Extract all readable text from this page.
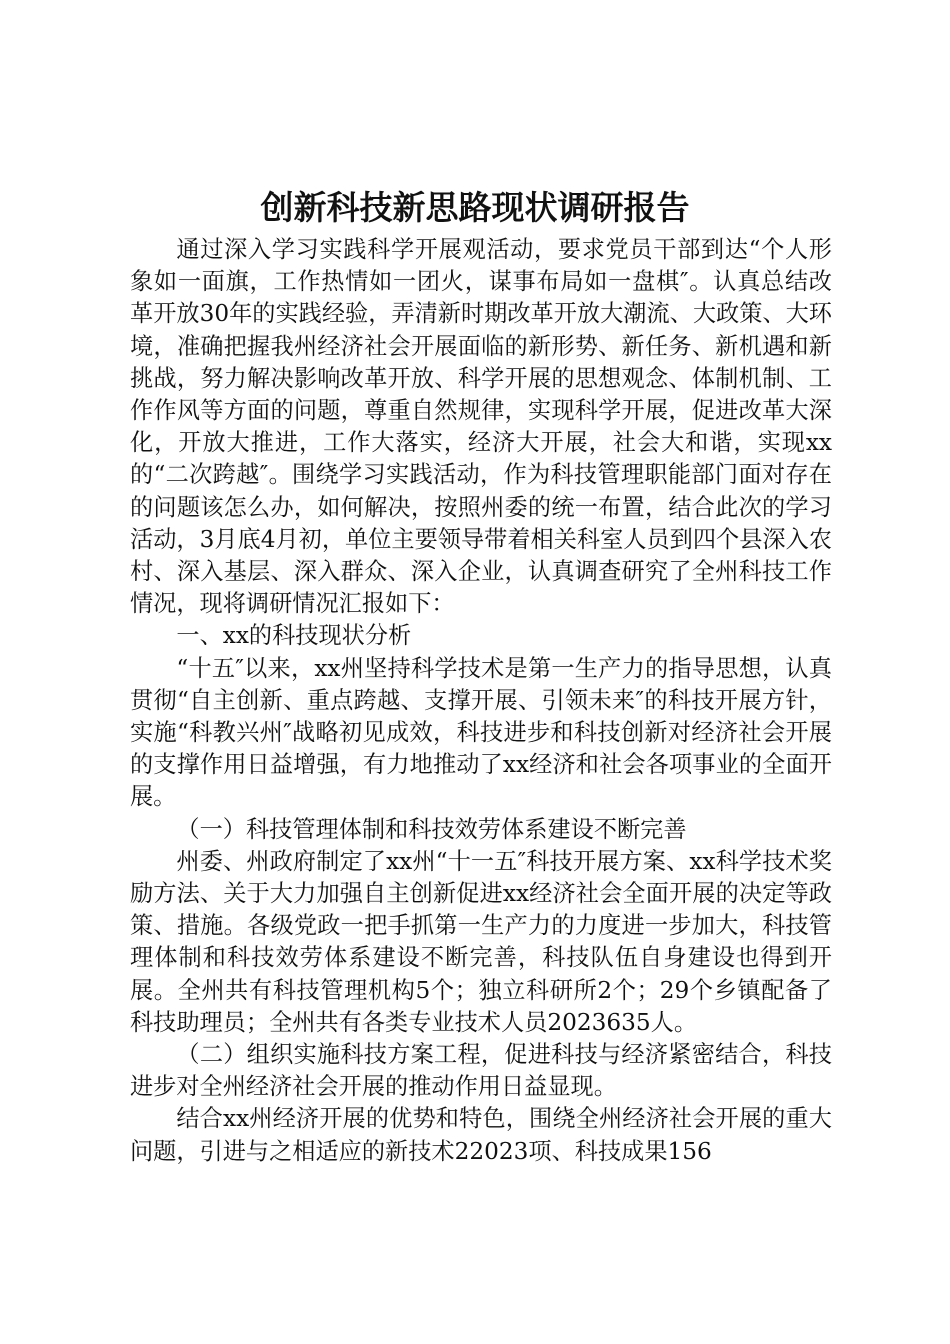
创新科技新思路现状调研报告

通过深入学习实践科学开展观活动，要求党员干部到达“个人形象如一面旗，工作热情如一团火，谋事布局如一盘棋″。认真总结改革开放30年的实践经验，弄清新时期改革开放大潮流、大政策、大环境，准确把握我州经济社会开展面临的新形势、新任务、新机遇和新挑战，努力解决影响改革开放、科学开展的思想观念、体制机制、工作作风等方面的问题，尊重自然规律，实现科学开展，促进改革大深化，开放大推进，工作大落实，经济大开展，社会大和谐，实现xx的“二次跨越″。围绕学习实践活动，作为科技管理职能部门面对存在的问题该怎么办，如何解决，按照州委的统一布置，结合此次的学习活动，3月底4月初，单位主要领导带着相关科室人员到四个县深入农村、深入基层、深入群众、深入企业，认真调查研究了全州科技工作情况，现将调研情况汇报如下：

一、xx的科技现状分析

“十五″以来，xx州坚持科学技术是第一生产力的指导思想，认真贯彻“自主创新、重点跨越、支撑开展、引领未来″的科技开展方针，实施“科教兴州″战略初见成效，科技进步和科技创新对经济社会开展的支撑作用日益增强，有力地推动了xx经济和社会各项事业的全面开展。

（一）科技管理体制和科技效劳体系建设不断完善

州委、州政府制定了xx州“十一五″科技开展方案、xx科学技术奖励方法、关于大力加强自主创新促进xx经济社会全面开展的决定等政策、措施。各级党政一把手抓第一生产力的力度进一步加大，科技管理体制和科技效劳体系建设不断完善，科技队伍自身建设也得到开展。全州共有科技管理机构5个；独立科研所2个；29个乡镇配备了科技助理员；全州共有各类专业技术人员2023635人。

（二）组织实施科技方案工程，促进科技与经济紧密结合，科技进步对全州经济社会开展的推动作用日益显现。

结合xx州经济开展的优势和特色，围绕全州经济社会开展的重大问题，引进与之相适应的新技术22023项、科技成果156
